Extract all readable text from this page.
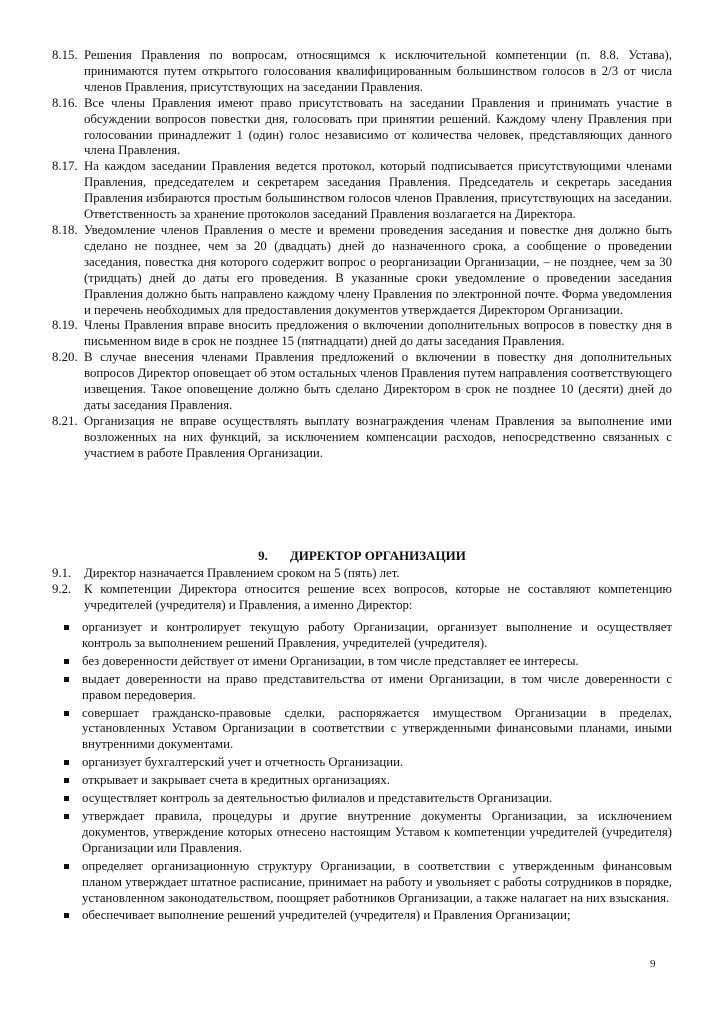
8.15. Решения Правления по вопросам, относящимся к исключительной компетенции (п. 8.8. Устава), принимаются путем открытого голосования квалифицированным большинством голосов в 2/3 от числа членов Правления, присутствующих на заседании Правления.

8.16. Все члены Правления имеют право присутствовать на заседании Правления и принимать участие в обсуждении вопросов повестки дня, голосовать при принятии решений. Каждому члену Правления при голосовании принадлежит 1 (один) голос независимо от количества человек, представляющих данного члена Правления.

8.17. На каждом заседании Правления ведется протокол, который подписывается присутствующими членами Правления, председателем и секретарем заседания Правления. Председатель и секретарь заседания Правления избираются простым большинством голосов членов Правления, присутствующих на заседании. Ответственность за хранение протоколов заседаний Правления возлагается на Директора.

8.18. Уведомление членов Правления о месте и времени проведения заседания и повестке дня должно быть сделано не позднее, чем за 20 (двадцать) дней до назначенного срока, а сообщение о проведении заседания, повестка дня которого содержит вопрос о реорганизации Организации, – не позднее, чем за 30 (тридцать) дней до даты его проведения. В указанные сроки уведомление о проведении заседания Правления должно быть направлено каждому члену Правления по электронной почте. Форма уведомления и перечень необходимых для предоставления документов утверждается Директором Организации.

8.19. Члены Правления вправе вносить предложения о включении дополнительных вопросов в повестку дня в письменном виде в срок не позднее 15 (пятнадцати) дней до даты заседания Правления.

8.20. В случае внесения членами Правления предложений о включении в повестку дня дополнительных вопросов Директор оповещает об этом остальных членов Правления путем направления соответствующего извещения. Такое оповещение должно быть сделано Директором в срок не позднее 10 (десяти) дней до даты заседания Правления.

8.21. Организация не вправе осуществлять выплату вознаграждения членам Правления за выполнение ими возложенных на них функций, за исключением компенсации расходов, непосредственно связанных с участием в работе Правления Организации.

9. ДИРЕКТОР ОРГАНИЗАЦИИ

9.1. Директор назначается Правлением сроком на 5 (пять) лет.

9.2. К компетенции Директора относится решение всех вопросов, которые не составляют компетенцию учредителей (учредителя) и Правления, а именно Директор:

организует и контролирует текущую работу Организации, организует выполнение и осуществляет контроль за выполнением решений Правления, учредителей (учредителя).

без доверенности действует от имени Организации, в том числе представляет ее интересы.

выдает доверенности на право представительства от имени Организации, в том числе доверенности с правом передоверия.

совершает гражданско-правовые сделки, распоряжается имуществом Организации в пределах, установленных Уставом Организации в соответствии с утвержденными финансовыми планами, иными внутренними документами.

организует бухгалтерский учет и отчетность Организации.

открывает и закрывает счета в кредитных организациях.

осуществляет контроль за деятельностью филиалов и представительств Организации.

утверждает правила, процедуры и другие внутренние документы Организации, за исключением документов, утверждение которых отнесено настоящим Уставом к компетенции учредителей (учредителя) Организации или Правления.

определяет организационную структуру Организации, в соответствии с утвержденным финансовым планом утверждает штатное расписание, принимает на работу и увольняет с работы сотрудников в порядке, установленном законодательством, поощряет работников Организации, а также налагает на них взыскания.

обеспечивает выполнение решений учредителей (учредителя) и Правления Организации;

9
